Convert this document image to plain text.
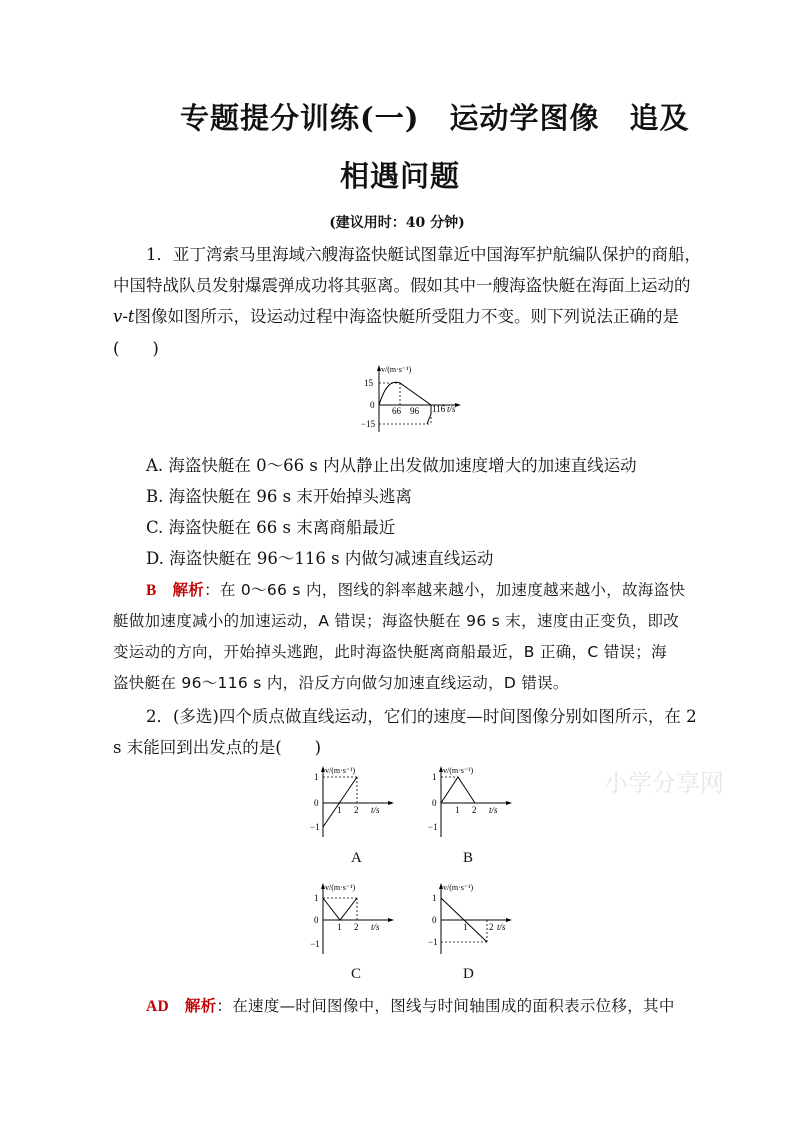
专题提分训练(一)　运动学图像　追及
相遇问题
(建议用时：40 分钟)
1．亚丁湾索马里海域六艘海盗快艇试图靠近中国海军护航编队保护的商船，
中国特战队员发射爆震弹成功将其驱离。假如其中一艘海盗快艇在海面上运动的
v-t图像如图所示，设运动过程中海盗快艇所受阻力不变。则下列说法正确的是
(　　)
v/(m·s⁻¹)
15
0
−15
66 96 116 t/s
A. 海盗快艇在 0～66 s 内从静止出发做加速度增大的加速直线运动
B. 海盗快艇在 96 s 末开始掉头逃离
C. 海盗快艇在 66 s 末离商船最近
D. 海盗快艇在 96～116 s 内做匀减速直线运动
B　 解析：在 0～66 s 内，图线的斜率越来越小，加速度越来越小，故海盗快
艇做加速度减小的加速运动，A 错误；海盗快艇在 96 s 末，速度由正变负，即改
变运动的方向，开始掉头逃跑，此时海盗快艇离商船最近，B 正确，C 错误；海
盗快艇在 96～116 s 内，沿反方向做匀加速直线运动，D 错误。
2．(多选)四个质点做直线运动，它们的速度—时间图像分别如图所示，在 2
s 末能回到出发点的是(　　)
小学分享网
v/(m·s⁻¹)
1
0
−1
1 2 t/s
A
v/(m·s⁻¹)
1
0
−1
1 2 t/s
B
v/(m·s⁻¹)
1
0
−1
1 2 t/s
C
v/(m·s⁻¹)
1
0
−1
1 2 t/s
D
AD　 解析：在速度—时间图像中，图线与时间轴围成的面积表示位移，其中
